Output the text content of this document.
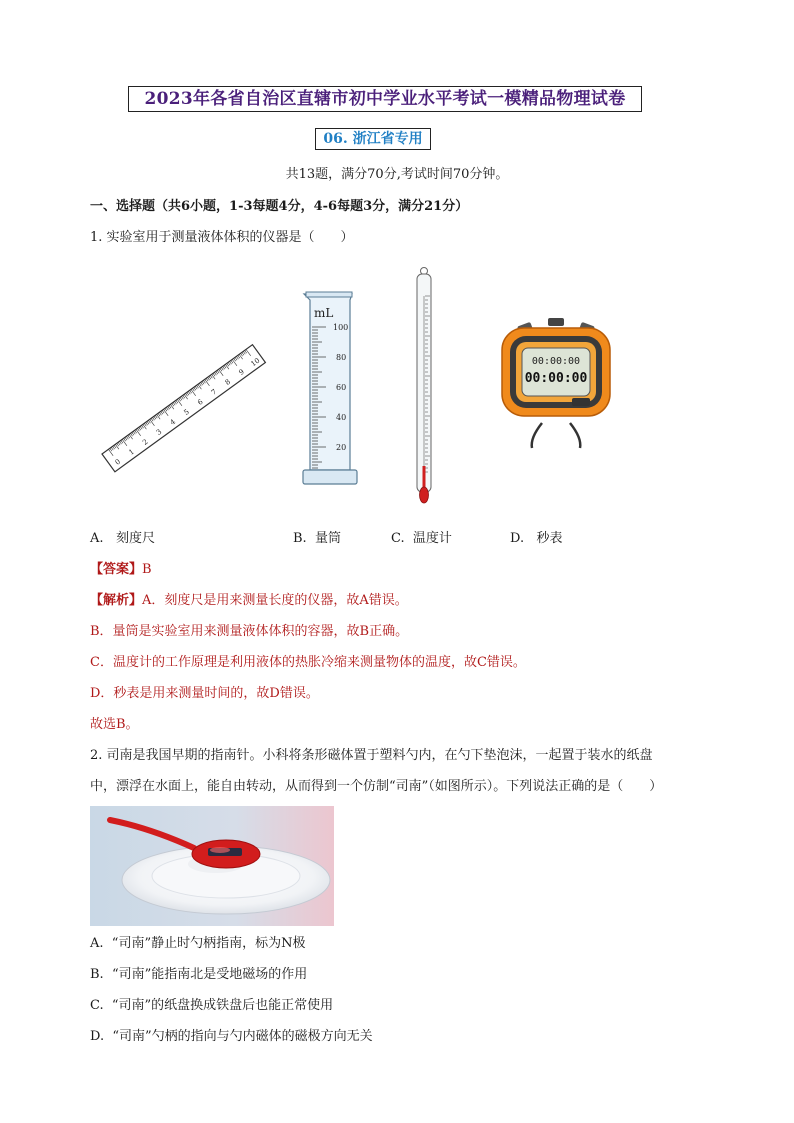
2023年各省自治区直辖市初中学业水平考试一模精品物理试卷
06. 浙江省专用
共13题，满分70分,考试时间70分钟。
一、选择题（共6小题，1-3每题4分，4-6每题3分，满分21分）
1. 实验室用于测量液体体积的仪器是（　　）
0
1
2
3
4
5
6
7
8
9
10
mL
100
80
60
40
20
00:00:00
00:00:00
A. 刻度尺	B. 量筒	C. 温度计	D. 秒表
【答案】B
【解析】A．刻度尺是用来测量长度的仪器，故A错误。
B．量筒是实验室用来测量液体体积的容器，故B正确。
C．温度计的工作原理是利用液体的热胀冷缩来测量物体的温度，故C错误。
D．秒表是用来测量时间的，故D错误。
故选B。
2. 司南是我国早期的指南针。小科将条形磁体置于塑料勺内，在勺下垫泡沫，一起置于装水的纸盘
中，漂浮在水面上，能自由转动，从而得到一个仿制“司南”（如图所示）。下列说法正确的是（　　）
A. “司南”静止时勺柄指南，标为N极
B. “司南”能指南北是受地磁场的作用
C. “司南”的纸盘换成铁盘后也能正常使用
D. “司南”勺柄的指向与勺内磁体的磁极方向无关
